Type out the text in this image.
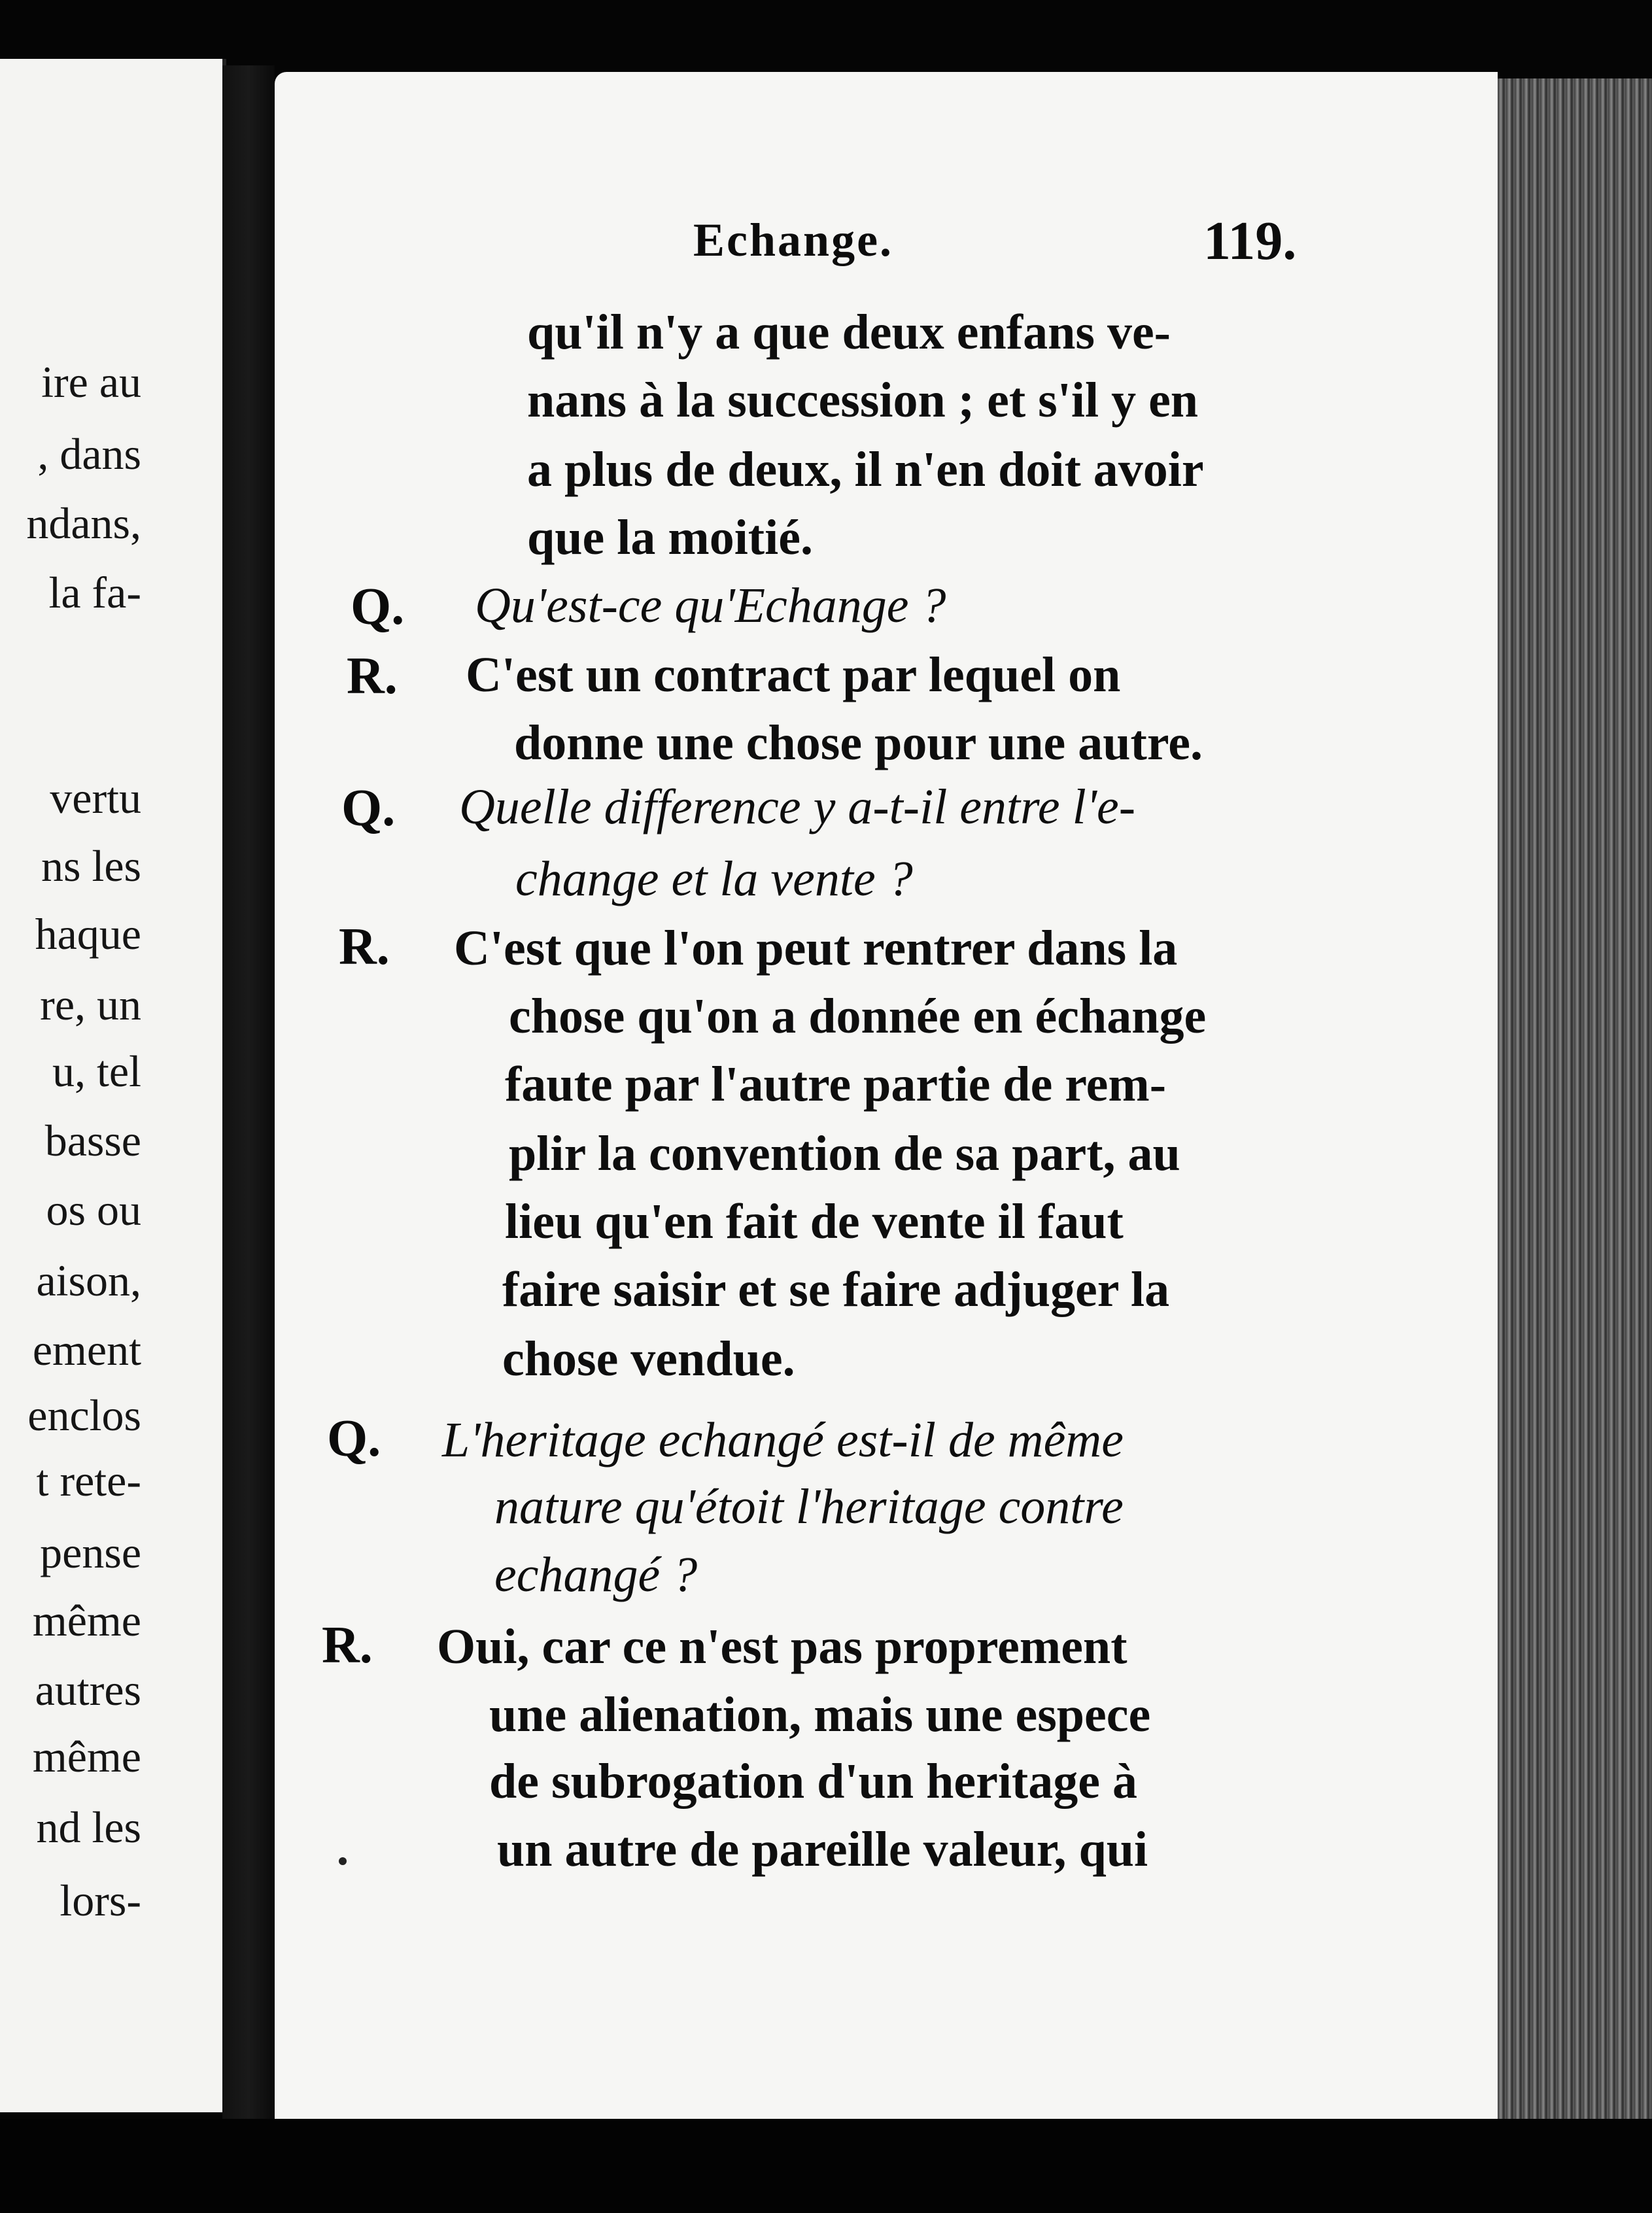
ire au
, dans
ndans,
la fa-
vertu
ns les
haque
re, un
u, tel
basse
os ou
aison,
ement
enclos
t rete-
pense
même
autres
même
nd les
lors-
Echange.	119.
qu'il n'y a que deux enfans ve-
nans à la succession ; et s'il y en
a plus de deux, il n'en doit avoir
que la moitié.
Q. Qu'est-ce qu'Echange ?
R. C'est un contract par lequel on
donne une chose pour une autre.
Q. Quelle difference y a-t-il entre l'e-
change et la vente ?
R. C'est que l'on peut rentrer dans la
chose qu'on a donnée en échange
faute par l'autre partie de rem-
plir la convention de sa part, au
lieu qu'en fait de vente il faut
faire saisir et se faire adjuger la
chose vendue.
Q. L'heritage echangé est-il de même
nature qu'étoit l'heritage contre
echangé ?
R. Oui, car ce n'est pas proprement
une alienation, mais une espece
de subrogation d'un heritage à
un autre de pareille valeur, qui
